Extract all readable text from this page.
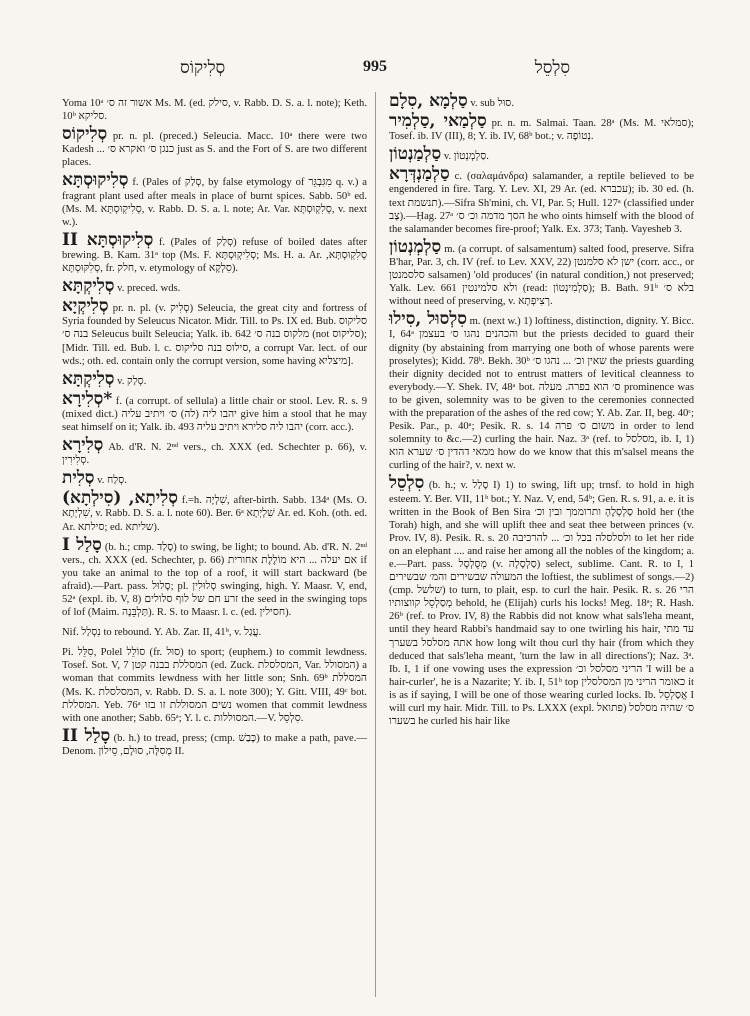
סְלִיקוֹס	995	סִלְסֵל

Yoma 10ᵃ אשור זה ס׳ Ms. M. (ed. סילק, v. Rabb. D. S. a. l. note); Keth. 10ᵇ סליקא.

סְלִיקוֹס pr. n. pl. (preced.) Seleucia. Macc. 10ᵃ there were two Kadesh ... כנגן ס׳ ואקרא ס׳ just as S. and the Fort of S. are two different places.

סְלִיקוּסְתָּא f. (Pales of סְלַק, by false etymology of מִגִּבְגֵּר q. v.) a fragrant plant used after meals in place of burnt spices. Sabb. 50ᵇ ed. (Ms. M. סְלִיקְוּסְתָּא, v. Rabb. D. S. a. l. note; Ar. Var. סְלִקְוּסְתָּא, v. next w.).

סְלִיקוּסְתָּא II f. (Pales of סְלַק) refuse of boiled dates after brewing. B. Kam. 31ᵃ top (Ms. F. סְלִיקְוּסְתָּא; Ms. H. a. Ar. סְלִקְוּסְתָּא, סְלִקּוּסְתָּא, fr. חלק, v. etymology of סִלְקָא).

סְלִיקְתָּא v. preced. wds.

סְלִיקְיָא pr. n. pl. (v. סְלִיק) Seleucia, the great city and fortress of Syria founded by Seleucus Nicator. Midr. Till. to Ps. IX ed. Bub. סליקוס בנה ס׳ Seleucus built Seleucia; Yalk. ib. 642 מלקוס בנה ס׳ (not סליקוס); [Midr. Till. ed. Bub. l. c. סילוס בנה סליקוס, a corrupt Var. lect. of our wds.; oth. ed. contain only the corrupt version, some having מיצליא].

סְלִיקְתָּא v. סְלַק.

*סְלִירָא f. (a corrupt. of sellula) a little chair or stool. Lev. R. s. 9 (mixed dict.) יהבו ליה (לה) ס׳ ויתיב עליה give him a stool that he may seat himself on it; Yalk. ib. 493 יהבו ליה סלירא ויתיב עליה (corr. acc.).

סְלִירָא Ab. d'R. N. 2ⁿᵈ vers., ch. XXX (ed. Schechter p. 66), v. סְלִירִין.

סְלִית v. סְלַח.

סְלִיתָא, (סִילְתָא) f.=h. שִׁלְיָה, after-birth. Sabb. 134ᵃ (Ms. O. שִׁלְיְתָא, v. Rabb. D. S. a. l. note 60). Ber. 6ᵃ שִׁלְיְתָא Ar. ed. Koh. (oth. ed. Ar. סילתא; ed. שליתא).

סָלַל I (b. h.; cmp. סָלַד) to swing, be light; to bound. Ab. d'R. N. 2ⁿᵈ vers., ch. XXX (ed. Schechter, p. 66) אם יעלה ... היא מוֹלֶלֶת אחורית if you take an animal to the top of a roof, it will start backward (be afraid).—Part. pass. סָלוּל; pl. סְלוּלִין swinging, high. Y. Maasr. V, end, 52ᵃ (expl. ib. V, 8) זרע חם של לוף סלולים the seed in the swinging tops of lof (Maim. תַּלְבֵּנָה). R. S. to Maasr. l. c. (ed. חסילין).

Nif. נִסְלַל to rebound. Y. Ab. Zar. II, 41ᵇ, v. עֲגַל.

Pi. סִלֵּל, Polel סוֹלֵל (fr. סוּל) to sport; (euphem.) to commit lewdness. Tosef. Sot. V, 7 המסללת בבנה קטן (ed. Zuck. המסלסלת, Var. המסולל) a woman that commits lewdness with her little son; Snh. 69ᵇ המסללת (Ms. K. המסלסלת, v. Rabb. D. S. a. l. note 300); Y. Gitt. VIII, 49ᶜ bot. המסללת. Yeb. 76ᵃ נשים המסוללת זו בזו women that commit lewdness with one another; Sabb. 65ᵃ; Y. l. c. המסוללות.—V. סִלְסֵל.

סָלַל II (b. h.) to tread, press; (cmp. כָּבַשׁ) to make a path, pave.—Denom. מְסִלָּה, סוּלָם, סֵילוֹן II.

סַלְמָא ,סִלָם v. sub סוּל.

סַלְמַאי ,סַלְמִיר pr. n. m. Salmai. Taan. 28ᵃ (Ms. M. סמלאי); Tosef. ib. IV (III), 8; Y. ib. IV, 68ᵇ bot.; v. נְטוֹפָה.

סַלְמַנְטוֹן v. סַלְמְנְטוֹן.

סַלְמַנְדְּרָא c. (σαλαμάνδρα) salamander, a reptile believed to be engendered in fire. Targ. Y. Lev. XI, 29 Ar. (ed. עכברא); ib. 30 ed. (h. text תנשמת).—Sifra Sh'mini, ch. VI, Par. 5; Hull. 127ᵃ (classified under צָב).—Ḥag. 27ᵃ הסך מדמה וכ׳ ס׳ he who oints himself with the blood of the salamander becomes fire-proof; Yalk. Ex. 373; Tanḥ. Vayesheb 3.

סַלְמְנְטוֹן m. (a corrupt. of salsamentum) salted food, preserve. Sifra B'har, Par. 3, ch. IV (ref. to Lev. XXV, 22) ישן לא סלמנטן (corr. acc., or סלסמנטן salsamen) 'old produces' (in natural condition,) not preserved; Yalk. Lev. 661 ולא סלמינטין (read: סַלְמִינְטוֹן); B. Bath. 91ᵇ בלא ס׳ without need of preserving, v. רְצִיפְתָא.

סִלְסוּל ,סִילוּ m. (next w.) 1) loftiness, distinction, dignity. Y. Bicc. I, 64ᵃ והכהנים נהגו ס׳ בעצמן but the priests decided to guard their dignity (by abstaining from marrying one both of whose parents were proselytes); Kidd. 78ᵇ. Bekh. 30ᵇ שאין וכ׳ ... נהגו ס׳ the priests guarding their dignity decided not to entrust matters of levitical cleanness to everybody.—Y. Shek. IV, 48ᵃ bot. ס׳ הוא בפרה. מעלה prominence was to be given, solemnity was to be given to the ceremonies connected with the preparation of the ashes of the red cow; Y. Ab. Zar. II, beg. 40ᶜ; Pesik. Par., p. 40ᵃ; Pesik. R. s. 14 משום ס׳ פרה in order to lend solemnity to &c.—2) curling the hair. Naz. 3ᵃ (ref. to מסלסל, ib. I, 1) ממאי דהדין ס׳ שערא הוא how do we know that this m'salsel means the curling of the hair?, v. next w.

סִלְסֵל (b. h.; v. סָלַל I) 1) to swing, lift up; trnsf. to hold in high esteem. Y. Ber. VII, 11ᵇ bot.; Y. Naz. V, end, 54ᵇ; Gen. R. s. 91, a. e. it is written in the Book of Ben Sira סַלְסְלֶהָ ותרוממך ובין וכ׳ hold her (the Torah) high, and she will uplift thee and seat thee between princes (v. Prov. IV, 8). Pesik. R. s. 20 ולסלסלה בכל וכ׳ ... להרכיבה to let her ride on an elephant .... and raise her among all the nobles of the kingdom; a. e.—Part. pass. מְסֻלְסָל (v. סַלְסָלָה) select, sublime. Cant. R. to I, 1 המעולה שבשירים והמ׳ שבשירים the loftiest, the sublimest of songs.—2) (cmp. שלשל) to turn, to plait, esp. to curl the hair. Pesik. R. s. 26 הרי מְסַלְסֵל קווצותיו behold, he (Elijah) curls his locks! Meg. 18ᵃ; R. Hash. 26ᵇ (ref. to Prov. IV, 8) the Rabbis did not know what sals'leha meant, until they heard Rabbi's handmaid say to one twirling his hair, עד מתי אתה מסלסל בשערך how long wilt thou curl thy hair (from which they deduced that sals'leha meant, 'turn the law in all directions'); Naz. 3ᵃ. Ib. I, 1 if one vowing uses the expression הריני מסלסל וכ׳ 'I will be a hair-curler', he is a Nazarite; Y. ib. I, 51ᵇ top כאומר הריני מן המסלסלין it is as if saying, I will be one of those wearing curled locks. Ib. אֲסַלְסֵל I will curl my hair. Midr. Till. to Ps. LXXX (expl. פתואל) ס׳ שהיה מסלסל בשערו he curled his hair like
